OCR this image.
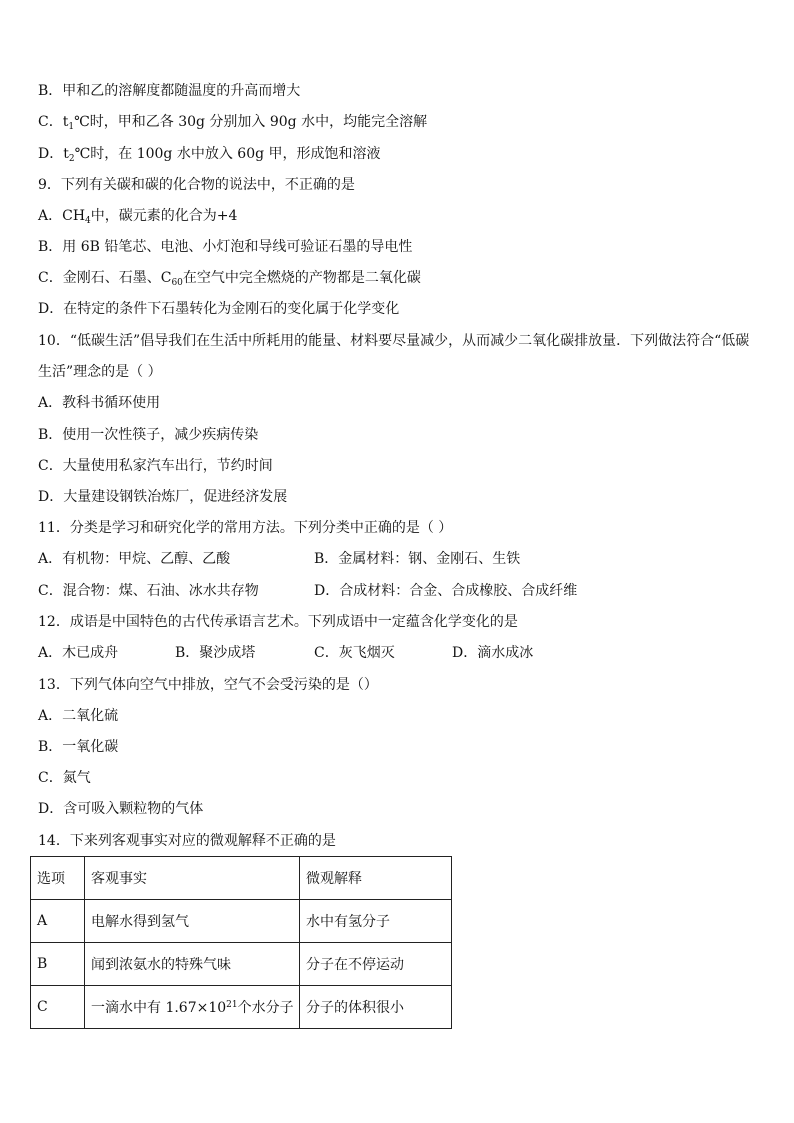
B．甲和乙的溶解度都随温度的升高而增大
C．$t_1℃$时，甲和乙各 30g 分别加入 90g 水中，均能完全溶解
D．$t_2℃$时，在 100g 水中放入 60g 甲，形成饱和溶液
9．下列有关碳和碳的化合物的说法中，不正确的是
A．$CH_4$中，碳元素的化合为+4
B．用 6B 铅笔芯、电池、小灯泡和导线可验证石墨的导电性
C．金刚石、石墨、$C_{60}$在空气中完全燃烧的产物都是二氧化碳
D．在特定的条件下石墨转化为金刚石的变化属于化学变化
10．“低碳生活”倡导我们在生活中所耗用的能量、材料要尽量减少，从而减少二氧化碳排放量．下列做法符合“低碳
生活”理念的是（ ）
A．教科书循环使用
B．使用一次性筷子，减少疾病传染
C．大量使用私家汽车出行，节约时间
D．大量建设钢铁冶炼厂，促进经济发展
11．分类是学习和研究化学的常用方法。下列分类中正确的是（ ）
A．有机物：甲烷、乙醇、乙酸	B．金属材料：钢、金刚石、生铁
C．混合物：煤、石油、冰水共存物	D．合成材料：合金、合成橡胶、合成纤维
12．成语是中国特色的古代传承语言艺术。下列成语中一定蕴含化学变化的是
A．木已成舟	B．聚沙成塔	C．灰飞烟灭	D．滴水成冰
13．下列气体向空气中排放，空气不会受污染的是（）
A．二氧化硫
B．一氧化碳
C．氮气
D．含可吸入颗粒物的气体
14．下来列客观事实对应的微观解释不正确的是
选项	客观事实	微观解释
A	电解水得到氢气	水中有氢分子
B	闻到浓氨水的特殊气味	分子在不停运动
C	一滴水中有 $1.67\times 10^{21}$个水分子	分子的体积很小
